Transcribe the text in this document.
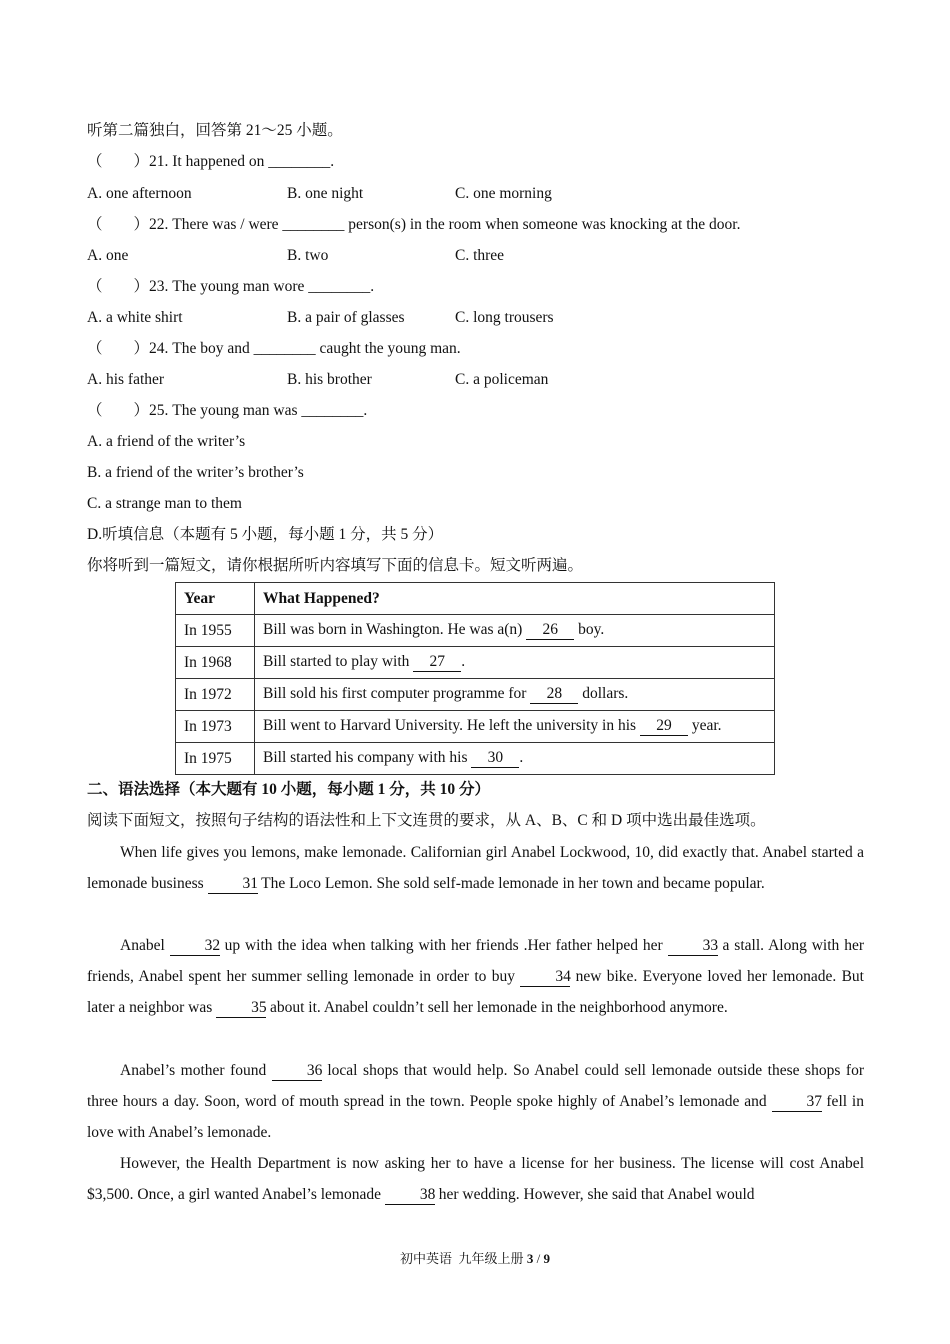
听第二篇独白，回答第 21～25 小题。
（        ）21. It happened on ________.
A. one afternoon	B. one night	C. one morning
（        ）22. There was / were ________ person(s) in the room when someone was knocking at the door.
A. one	B. two	C. three
（        ）23. The young man wore ________.
A. a white shirt	B. a pair of glasses	C. long trousers
（        ）24. The boy and ________ caught the young man.
A. his father	B. his brother	C. a policeman
（        ）25. The young man was ________.
A. a friend of the writer’s
B. a friend of the writer’s brother’s
C. a strange man to them
D.听填信息（本题有 5 小题，每小题 1 分，共 5 分）
你将听到一篇短文，请你根据所听内容填写下面的信息卡。短文听两遍。
Year	What Happened?
In 1955	Bill was born in Washington. He was a(n) 26 boy.
In 1968	Bill started to play with 27 .
In 1972	Bill sold his first computer programme for 28 dollars.
In 1973	Bill went to Harvard University. He left the university in his 29 year.
In 1975	Bill started his company with his 30 .
二、语法选择（本大题有 10 小题，每小题 1 分，共 10 分）
阅读下面短文，按照句子结构的语法性和上下文连贯的要求，从 A、B、C 和 D 项中选出最佳选项。
When life gives you lemons, make lemonade. Californian girl Anabel Lockwood, 10, did exactly that. Anabel started a lemonade business 31 The Loco Lemon. She sold self-made lemonade in her town and became popular.
Anabel 32 up with the idea when talking with her friends .Her father helped her 33 a stall. Along with her friends, Anabel spent her summer selling lemonade in order to buy 34 new bike. Everyone loved her lemonade. But later a neighbor was 35 about it. Anabel couldn’t sell her lemonade in the neighborhood anymore.
Anabel’s mother found 36 local shops that would help. So Anabel could sell lemonade outside these shops for three hours a day. Soon, word of mouth spread in the town. People spoke highly of Anabel’s lemonade and 37 fell in love with Anabel’s lemonade.
However, the Health Department is now asking her to have a license for her business. The license will cost Anabel $3,500. Once, a girl wanted Anabel’s lemonade 38 her wedding. However, she said that Anabel would
初中英语  九年级上册 3 / 9
